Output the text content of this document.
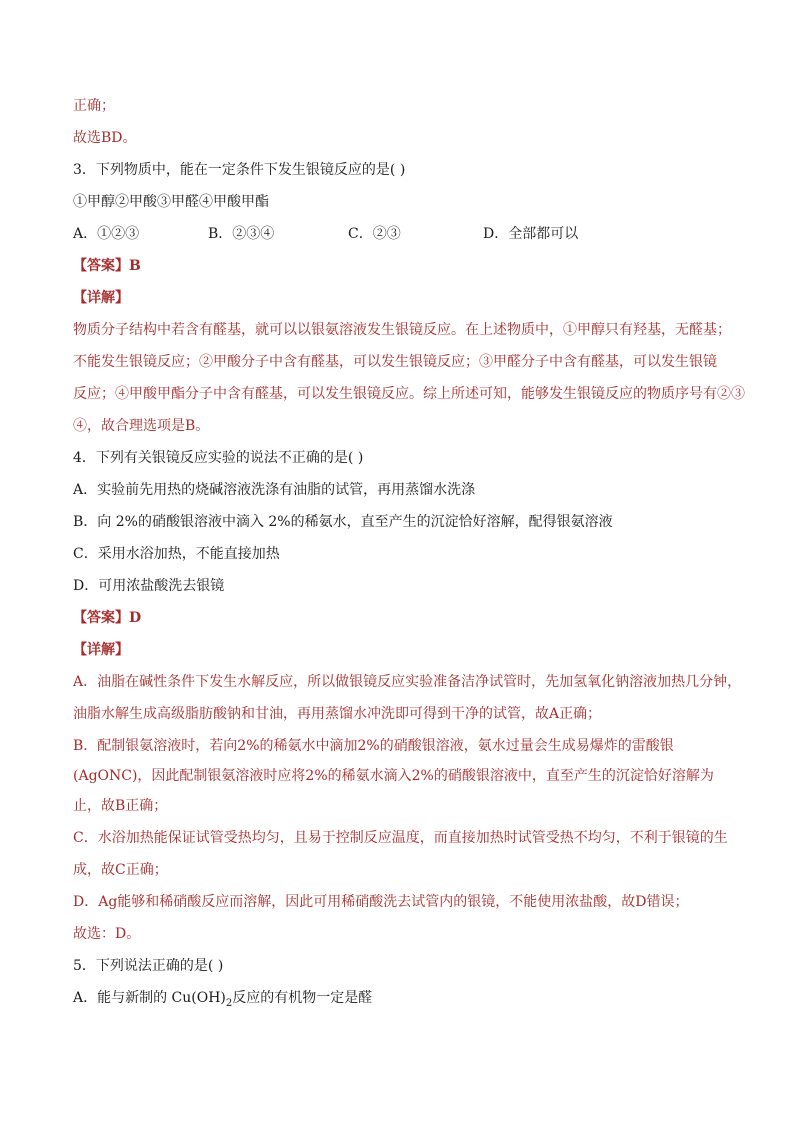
正确；
故选BD。
3．下列物质中，能在一定条件下发生银镜反应的是( )
①甲醇②甲酸③甲醛④甲酸甲酯
A．①②③	B．②③④	C．②③	D．全部都可以
【答案】B
【详解】
物质分子结构中若含有醛基，就可以以银氨溶液发生银镜反应。在上述物质中，①甲醇只有羟基，无醛基；
不能发生银镜反应；②甲酸分子中含有醛基，可以发生银镜反应；③甲醛分子中含有醛基，可以发生银镜
反应；④甲酸甲酯分子中含有醛基，可以发生银镜反应。综上所述可知，能够发生银镜反应的物质序号有②③
④，故合理选项是B。
4．下列有关银镜反应实验的说法不正确的是( )
A．实验前先用热的烧碱溶液洗涤有油脂的试管，再用蒸馏水洗涤
B．向 2%的硝酸银溶液中滴入 2%的稀氨水，直至产生的沉淀恰好溶解，配得银氨溶液
C．采用水浴加热，不能直接加热
D．可用浓盐酸洗去银镜
【答案】D
【详解】
A．油脂在碱性条件下发生水解反应，所以做银镜反应实验准备洁净试管时，先加氢氧化钠溶液加热几分钟，
油脂水解生成高级脂肪酸钠和甘油，再用蒸馏水冲洗即可得到干净的试管，故A正确；
B．配制银氨溶液时，若向2%的稀氨水中滴加2%的硝酸银溶液，氨水过量会生成易爆炸的雷酸银
(AgONC)，因此配制银氨溶液时应将2%的稀氨水滴入2%的硝酸银溶液中，直至产生的沉淀恰好溶解为
止，故B正确；
C．水浴加热能保证试管受热均匀，且易于控制反应温度，而直接加热时试管受热不均匀，不利于银镜的生
成，故C正确；
D．Ag能够和稀硝酸反应而溶解，因此可用稀硝酸洗去试管内的银镜，不能使用浓盐酸，故D错误；
故选：D。
5．下列说法正确的是( )
A．能与新制的 $Cu(OH)_2$反应的有机物一定是醛
